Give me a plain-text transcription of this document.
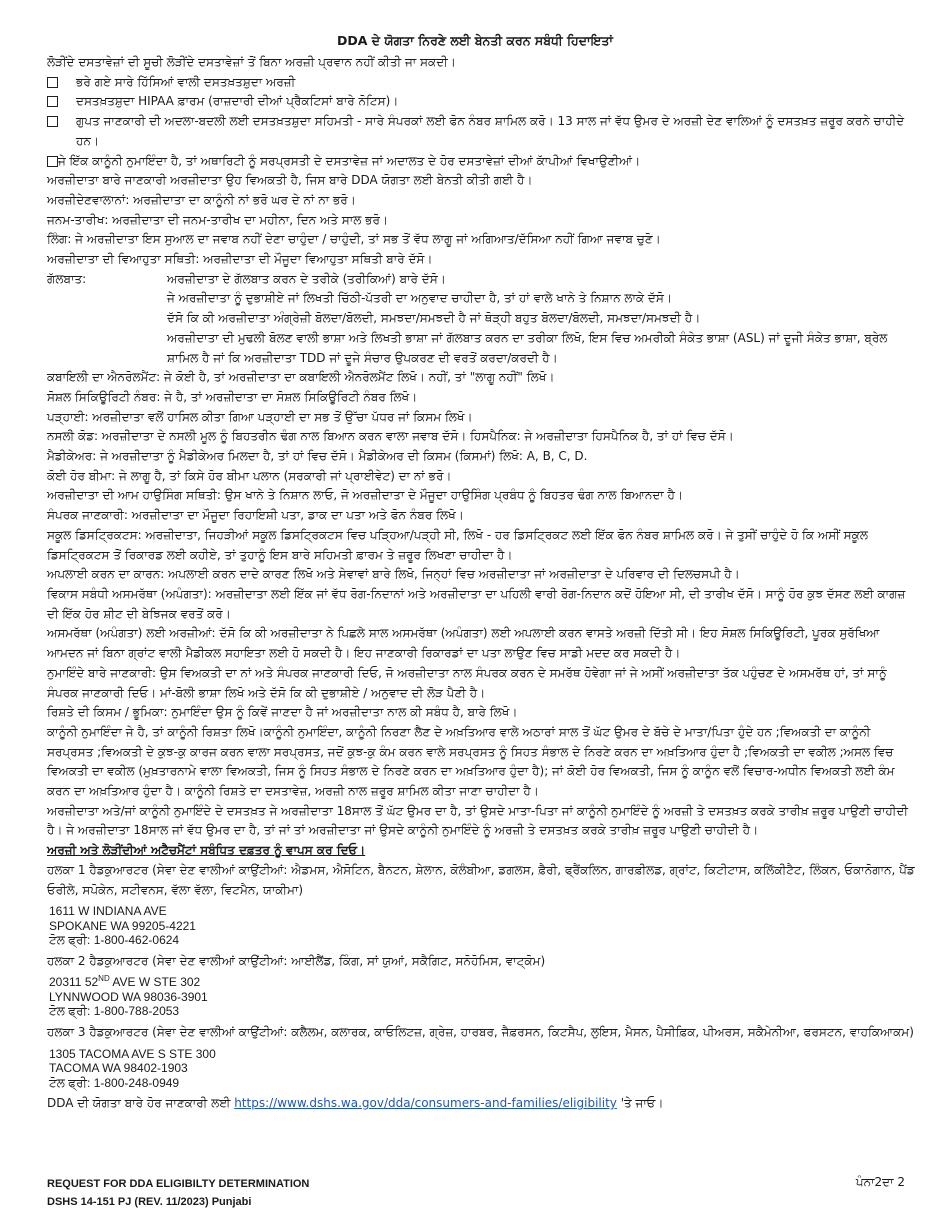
DDA ਦੇ ਯੋਗਤਾ ਨਿਰਣੇ ਲਈ ਬੇਨਤੀ ਕਰਨ ਸਬੰਧੀ ਹਿਦਾਇਤਾਂ

ਲੋੜੀਂਦੇ ਦਸਤਾਵੇਜ਼ਾਂ ਦੀ ਸੂਚੀ ਲੋੜੀਂਦੇ ਦਸਤਾਵੇਜ਼ਾਂ ਤੋਂ ਬਿਨਾ ਅਰਜ਼ੀ ਪ੍ਰਵਾਨ ਨਹੀਂ ਕੀਤੀ ਜਾ ਸਕਦੀ।

ਭਰੇ ਗਏ ਸਾਰੇ ਹਿੱਸਿਆਂ ਵਾਲੀ ਦਸਤਖ਼ਤਸ਼ੁਦਾ ਅਰਜ਼ੀ
ਦਸਤਖ਼ਤਸ਼ੁਦਾ HIPAA ਫ਼ਾਰਮ (ਰਾਜ਼ਦਾਰੀ ਦੀਆਂ ਪ੍ਰੈਕਟਿਸਾਂ ਬਾਰੇ ਨੋਟਿਸ)।
ਗੁਪਤ ਜਾਣਕਾਰੀ ਦੀ ਅਦਲਾ-ਬਦਲੀ ਲਈ ਦਸਤਖ਼ਤਸ਼ੁਦਾ ਸਹਿਮਤੀ - ਸਾਰੇ ਸੰਪਰਕਾਂ ਲਈ ਫੋਨ ਨੰਬਰ ਸ਼ਾਮਿਲ ਕਰੋ। 13 ਸਾਲ ਜਾਂ ਵੱਧ ਉਮਰ ਦੇ ਅਰਜ਼ੀ ਦੇਣ ਵਾਲਿਆਂ ਨੂੰ ਦਸਤਖ਼ਤ ਜ਼ਰੂਰ ਕਰਨੇ ਚਾਹੀਦੇ ਹਨ।
ਜੇ ਇੱਕ ਕਾਨੂੰਨੀ ਨੁਮਾਇੰਦਾ ਹੈ, ਤਾਂ ਅਥਾਰਿਟੀ ਨੂੰ ਸਰਪ੍ਰਸਤੀ ਦੇ ਦਸਤਾਵੇਜ਼ ਜਾਂ ਅਦਾਲਤ ਦੇ ਹੋਰ ਦਸਤਾਵੇਜ਼ਾਂ ਦੀਆਂ ਕਾੱਪੀਆਂ ਵਿਖਾਉਣੀਆਂ।

ਅਰਜ਼ੀਦਾਤਾ ਬਾਰੇ ਜਾਣਕਾਰੀ ਅਰਜ਼ੀਦਾਤਾ ਉਹ ਵਿਅਕਤੀ ਹੈ, ਜਿਸ ਬਾਰੇ DDA ਯੋਗਤਾ ਲਈ ਬੇਨਤੀ ਕੀਤੀ ਗਈ ਹੈ।

ਅਰਜ਼ੀਦੇਣਵਾਲਾਨਾਂ: ਅਰਜ਼ੀਦਾਤਾ ਦਾ ਕਾਨੂੰਨੀ ਨਾਂ ਭਰੋ ਘਰ ਦੇ ਨਾਂ ਨਾ ਭਰੋ।

ਜਨਮ-ਤਾਰੀਖ: ਅਰਜ਼ੀਦਾਤਾ ਦੀ ਜਨਮ-ਤਾਰੀਖ ਦਾ ਮਹੀਨਾ, ਦਿਨ ਅਤੇ ਸਾਲ ਭਰੋ।

ਲਿੰਗ: ਜੇ ਅਰਜ਼ੀਦਾਤਾ ਇਸ ਸੁਆਲ ਦਾ ਜਵਾਬ ਨਹੀਂ ਦੇਣਾ ਚਾਹੁੰਦਾ / ਚਾਹੁੰਦੀ, ਤਾਂ ਸਭ ਤੋਂ ਵੱਧ ਲਾਗੂ ਜਾਂ ਅਗਿਆਤ/ਦੱਸਿਆ ਨਹੀਂ ਗਿਆ ਜਵਾਬ ਚੁਣੋ।

ਅਰਜ਼ੀਦਾਤਾ ਦੀ ਵਿਆਹੁਤਾ ਸਥਿਤੀ: ਅਰਜ਼ੀਦਾਤਾ ਦੀ ਮੌਜੂਦਾ ਵਿਆਹੁਤਾ ਸਥਿਤੀ ਬਾਰੇ ਦੱਸੋ।

ਗੱਲਬਾਤ:	ਅਰਜ਼ੀਦਾਤਾ ਦੇ ਗੱਲਬਾਤ ਕਰਨ ਦੇ ਤਰੀਕੇ (ਤਰੀਕਿਆਂ) ਬਾਰੇ ਦੱਸੋ।

ਜੇ ਅਰਜ਼ੀਦਾਤਾ ਨੂੰ ਦੁਭਾਸ਼ੀਏ ਜਾਂ ਲਿਖਤੀ ਚਿੱਠੀ-ਪੱਤਰੀ ਦਾ ਅਨੁਵਾਦ ਚਾਹੀਦਾ ਹੈ, ਤਾਂ ਹਾਂ ਵਾਲੇ ਖਾਨੇ ਤੇ ਨਿਸ਼ਾਨ ਲਾਕੇ ਦੱਸੋ।

ਦੱਸੋ ਕਿ ਕੀ ਅਰਜ਼ੀਦਾਤਾ ਅੰਗ੍ਰੇਜ਼ੀ ਬੋਲਦਾ/ਬੋਲਦੀ, ਸਮਝਦਾ/ਸਮਝਦੀ ਹੈ ਜਾਂ ਥੋੜ੍ਹੀ ਬਹੁਤ ਬੋਲਦਾ/ਬੋਲਦੀ, ਸਮਝਦਾ/ਸਮਝਦੀ ਹੈ।

ਅਰਜ਼ੀਦਾਤਾ ਦੀ ਮੁਢਲੀ ਬੋਲਣ ਵਾਲੀ ਭਾਸ਼ਾ ਅਤੇ ਲਿਖਤੀ ਭਾਸ਼ਾ ਜਾਂ ਗੱਲਬਾਤ ਕਰਨ ਦਾ ਤਰੀਕਾ ਲਿਖੋ, ਇਸ ਵਿਚ ਅਮਰੀਕੀ ਸੰਕੇਤ ਭਾਸ਼ਾ (ASL) ਜਾਂ ਦੂਜੀ ਸੰਕੇਤ ਭਾਸ਼ਾ, ਬ੍ਰੇਲ ਸ਼ਾਮਿਲ ਹੈ ਜਾਂ ਕਿ ਅਰਜ਼ੀਦਾਤਾ TDD ਜਾਂ ਦੂਜੇ ਸੰਚਾਰ ਉਪਕਰਣ ਦੀ ਵਰਤੋਂ ਕਰਦਾ/ਕਰਦੀ ਹੈ।

ਕਬਾਇਲੀ ਦਾ ਐਨਰੋਲਮੈਂਟ: ਜੇ ਕੋਈ ਹੈ, ਤਾਂ ਅਰਜ਼ੀਦਾਤਾ ਦਾ ਕਬਾਇਲੀ ਐਨਰੋਲਮੈਂਟ ਲਿਖੋ। ਨਹੀਂ, ਤਾਂ "ਲਾਗੂ ਨਹੀਂ" ਲਿਖੋ।

ਸੋਸ਼ਲ ਸਿਕਿਊਰਿਟੀ ਨੰਬਰ: ਜੇ ਹੈ, ਤਾਂ ਅਰਜ਼ੀਦਾਤਾ ਦਾ ਸੋਸ਼ਲ ਸਿਕਿਊਰਿਟੀ ਨੰਬਰ ਲਿਖੋ।

ਪੜ੍ਹਾਈ: ਅਰਜ਼ੀਦਾਤਾ ਵਲੋਂ ਹਾਸਿਲ ਕੀਤਾ ਗਿਆ ਪੜ੍ਹਾਈ ਦਾ ਸਭ ਤੋਂ ਉੱਚਾ ਪੱਧਰ ਜਾਂ ਕਿਸਮ ਲਿਖੋ।

ਨਸਲੀ ਕੋਡ: ਅਰਜ਼ੀਦਾਤਾ ਦੇ ਨਸਲੀ ਮੂਲ ਨੂੰ ਬਿਹਤਰੀਨ ਢੰਗ ਨਾਲ ਬਿਆਨ ਕਰਨ ਵਾਲਾ ਜਵਾਬ ਦੱਸੋ। ਹਿਸਪੈਨਿਕ: ਜੇ ਅਰਜ਼ੀਦਾਤਾ ਹਿਸਪੈਨਿਕ ਹੈ, ਤਾਂ ਹਾਂ ਵਿਚ ਦੱਸੋ।

ਮੈਡੀਕੇਅਰ: ਜੇ ਅਰਜ਼ੀਦਾਤਾ ਨੂੰ ਮੈਡੀਕੇਅਰ ਮਿਲਦਾ ਹੈ, ਤਾਂ ਹਾਂ ਵਿਚ ਦੱਸੋ। ਮੈਡੀਕੇਅਰ ਦੀ ਕਿਸਮ (ਕਿਸਮਾਂ) ਲਿਖੋ: A, B, C, D.

ਕੋਈ ਹੋਰ ਬੀਮਾ: ਜੇ ਲਾਗੂ ਹੈ, ਤਾਂ ਕਿਸੇ ਹੋਰ ਬੀਮਾ ਪਲਾਨ (ਸਰਕਾਰੀ ਜਾਂ ਪ੍ਰਾਈਵੇਟ) ਦਾ ਨਾਂ ਭਰੋ।

ਅਰਜ਼ੀਦਾਤਾ ਦੀ ਆਮ ਹਾਉਸਿੰਗ ਸਥਿਤੀ: ਉਸ ਖਾਨੇ ਤੇ ਨਿਸ਼ਾਨ ਲਾਓ, ਜੋ ਅਰਜ਼ੀਦਾਤਾ ਦੇ ਮੌਜੂਦਾ ਹਾਉਸਿੰਗ ਪ੍ਰਬੰਧ ਨੂੰ ਬਿਹਤਰ ਢੰਗ ਨਾਲ ਬਿਆਨਦਾ ਹੈ।

ਸੰਪਰਕ ਜਾਣਕਾਰੀ: ਅਰਜ਼ੀਦਾਤਾ ਦਾ ਮੌਜੂਦਾ ਰਿਹਾਇਸ਼ੀ ਪਤਾ, ਡਾਕ ਦਾ ਪਤਾ ਅਤੇ ਫੋਨ ਨੰਬਰ ਲਿਖੋ।

ਸਕੂਲ ਡਿਸਟ੍ਰਿਕਟਸ: ਅਰਜ਼ੀਦਾਤਾ, ਜਿਹੜੀਆਂ ਸਕੂਲ ਡਿਸਟ੍ਰਿਕਟਸ ਵਿਚ ਪੜ੍ਹਿਆ/ਪੜ੍ਹੀ ਸੀ, ਲਿਖੋ - ਹਰ ਡਿਸਟ੍ਰਿਕਟ ਲਈ ਇੱਕ ਫੋਨ ਨੰਬਰ ਸ਼ਾਮਿਲ ਕਰੋ। ਜੇ ਤੁਸੀਂ ਚਾਹੁੰਦੇ ਹੋ ਕਿ ਅਸੀਂ ਸਕੂਲ ਡਿਸਟ੍ਰਿਕਟਸ ਤੋਂ ਰਿਕਾਰਡ ਲਈ ਕਹੀਏ, ਤਾਂ ਤੁਹਾਨੂੰ ਇਸ ਬਾਰੇ ਸਹਿਮਤੀ ਫ਼ਾਰਮ ਤੇ ਜ਼ਰੂਰ ਲਿਖਣਾ ਚਾਹੀਦਾ ਹੈ।

ਅਪਲਾਈ ਕਰਨ ਦਾ ਕਾਰਨ: ਅਪਲਾਈ ਕਰਨ ਦਾਦੇ ਕਾਰਣ ਲਿਖੋ ਅਤੇ ਸੇਵਾਵਾਂ ਬਾਰੇ ਲਿਖੋ, ਜਿਨ੍ਹਾਂ ਵਿਚ ਅਰਜ਼ੀਦਾਤਾ ਜਾਂ ਅਰਜ਼ੀਦਾਤਾ ਦੇ ਪਰਿਵਾਰ ਦੀ ਦਿਲਚਸਪੀ ਹੈ।

ਵਿਕਾਸ ਸਬੰਧੀ ਅਸਮਰੱਥਾ (ਅਪੰਗਤਾ): ਅਰਜ਼ੀਦਾਤਾ ਲਈ ਇੱਕ ਜਾਂ ਵੱਧ ਰੋਗ-ਨਿਦਾਨਾਂ ਅਤੇ ਅਰਜ਼ੀਦਾਤਾ ਦਾ ਪਹਿਲੀ ਵਾਰੀ ਰੋਗ-ਨਿਦਾਨ ਕਦੋਂ ਹੋਇਆ ਸੀ, ਦੀ ਤਾਰੀਖ ਦੱਸੋ। ਸਾਨੂੰ ਹੋਰ ਕੁਝ ਦੱਸਣ ਲਈ ਕਾਗਜ਼ ਦੀ ਇੱਕ ਹੋਰ ਸ਼ੀਟ ਦੀ ਬੇਝਿਜਕ ਵਰਤੋਂ ਕਰੋ।

ਅਸਮਰੱਥਾ (ਅਪੰਗਤਾ) ਲਈ ਅਰਜ਼ੀਆਂ: ਦੱਸੋ ਕਿ ਕੀ ਅਰਜ਼ੀਦਾਤਾ ਨੇ ਪਿਛਲੇ ਸਾਲ ਅਸਮਰੱਥਾ (ਅਪੰਗਤਾ) ਲਈ ਅਪਲਾਈ ਕਰਨ ਵਾਸਤੇ ਅਰਜ਼ੀ ਦਿੱਤੀ ਸੀ। ਇਹ ਸੋਸ਼ਲ ਸਿਕਿਊਰਿਟੀ, ਪੂਰਕ ਸੁਰੱਖਿਆ ਆਮਦਨ ਜਾਂ ਬਿਨਾ ਗ੍ਰਾਂਟ ਵਾਲੀ ਮੈਡੀਕਲ ਸਹਾਇਤਾ ਲਈ ਹੋ ਸਕਦੀ ਹੈ। ਇਹ ਜਾਣਕਾਰੀ ਰਿਕਾਰਡਾਂ ਦਾ ਪਤਾ ਲਾਉਣ ਵਿਚ ਸਾਡੀ ਮਦਦ ਕਰ ਸਕਦੀ ਹੈ।

ਨੁਮਾਇੰਦੇ ਬਾਰੇ ਜਾਣਕਾਰੀ: ਉਸ ਵਿਅਕਤੀ ਦਾ ਨਾਂ ਅਤੇ ਸੰਪਰਕ ਜਾਣਕਾਰੀ ਦਿਓ, ਜੋ ਅਰਜ਼ੀਦਾਤਾ ਨਾਲ ਸੰਪਰਕ ਕਰਨ ਦੇ ਸਮਰੱਥ ਹੋਵੇਗਾ ਜਾਂ ਜੇ ਅਸੀਂ ਅਰਜ਼ੀਦਾਤਾ ਤੱਕ ਪਹੁੰਚਣ ਦੇ ਅਸਮਰੱਥ ਹਾਂ, ਤਾਂ ਸਾਨੂੰ ਸੰਪਰਕ ਜਾਣਕਾਰੀ ਦਿਓ। ਮਾਂ-ਬੋਲੀ ਭਾਸ਼ਾ ਲਿਖੋ ਅਤੇ ਦੱਸੋ ਕਿ ਕੀ ਦੁਭਾਸ਼ੀਏ / ਅਨੁਵਾਦ ਦੀ ਲੋੜ ਪੈਣੀ ਹੈ।

ਰਿਸ਼ਤੇ ਦੀ ਕਿਸਮ / ਭੂਮਿਕਾ: ਨੁਮਾਇੰਦਾ ਉਸ ਨੂੰ ਕਿਵੇਂ ਜਾਣਦਾ ਹੈ ਜਾਂ ਅਰਜ਼ੀਦਾਤਾ ਨਾਲ ਕੀ ਸਬੰਧ ਹੈ, ਬਾਰੇ ਲਿਖੋ।

ਕਾਨੂੰਨੀ ਨੁਮਾਇੰਦਾ ਜੇ ਹੈ, ਤਾਂ ਕਾਨੂੰਨੀ ਰਿਸ਼ਤਾ ਲਿਖੋ।ਕਾਨੂੰਨੀ ਨੁਮਾਇੰਦਾ, ਕਾਨੂੰਨੀ ਨਿਰਣਾ ਲੈਣ ਦੇ ਅਖ਼ਤਿਆਰ ਵਾਲੇ ਅਠਾਰਾਂ ਸਾਲ ਤੋਂ ਘੱਟ ਉਮਰ ਦੇ ਬੱਚੇ ਦੇ ਮਾਤਾ/ਪਿਤਾ ਹੁੰਦੇ ਹਨ ;ਵਿਅਕਤੀ ਦਾ ਕਾਨੂੰਨੀ ਸਰਪ੍ਰਸਤ ;ਵਿਅਕਤੀ ਦੇ ਕੁਝ-ਕੁ ਕਾਰਜ ਕਰਨ ਵਾਲਾ ਸਰਪ੍ਰਸਤ, ਜਦੋਂ ਕੁਝ-ਕੁ ਕੰਮ ਕਰਨ ਵਾਲੇ ਸਰਪ੍ਰਸਤ ਨੂੰ ਸਿਹਤ ਸੰਭਾਲ ਦੇ ਨਿਰਣੇ ਕਰਨ ਦਾ ਅਖ਼ਤਿਆਰ ਹੁੰਦਾ ਹੈ ;ਵਿਅਕਤੀ ਦਾ ਵਕੀਲ ;ਅਸਲ ਵਿਚ ਵਿਅਕਤੀ ਦਾ ਵਕੀਲ (ਮੁਖ਼ਤਾਰਨਾਮੇ ਵਾਲਾ ਵਿਅਕਤੀ, ਜਿਸ ਨੂੰ ਸਿਹਤ ਸੰਭਾਲ ਦੇ ਨਿਰਣੇ ਕਰਨ ਦਾ ਅਖ਼ਤਿਆਰ ਹੁੰਦਾ ਹੈ); ਜਾਂ ਕੋਈ ਹੋਰ ਵਿਅਕਤੀ, ਜਿਸ ਨੂੰ ਕਾਨੂੰਨ ਵਲੋਂ ਵਿਚਾਰ-ਅਧੀਨ ਵਿਅਕਤੀ ਲਈ ਕੰਮ ਕਰਨ ਦਾ ਅਖ਼ਤਿਆਰ ਹੁੰਦਾ ਹੈ। ਕਾਨੂੰਨੀ ਰਿਸ਼ਤੇ ਦਾ ਦਸਤਾਵੇਜ਼, ਅਰਜ਼ੀ ਨਾਲ ਜ਼ਰੂਰ ਸ਼ਾਮਿਲ ਕੀਤਾ ਜਾਣਾ ਚਾਹੀਦਾ ਹੈ।

ਅਰਜ਼ੀਦਾਤਾ ਅਤੇ/ਜਾਂ ਕਾਨੂੰਨੀ ਨੁਮਾਇੰਦੇ ਦੇ ਦਸਤਖ਼ਤ ਜੇ ਅਰਜ਼ੀਦਾਤਾ 18ਸਾਲ ਤੋਂ ਘੱਟ ਉਮਰ ਦਾ ਹੈ, ਤਾਂ ਉਸਦੇ ਮਾਤਾ-ਪਿਤਾ ਜਾਂ ਕਾਨੂੰਨੀ ਨੁਮਾਇੰਦੇ ਨੂੰ ਅਰਜ਼ੀ ਤੇ ਦਸਤਖ਼ਤ ਕਰਕੇ ਤਾਰੀਖ਼ ਜ਼ਰੂਰ ਪਾਉਣੀ ਚਾਹੀਦੀ ਹੈ। ਜੇ ਅਰਜ਼ੀਦਾਤਾ 18ਸਾਲ ਜਾਂ ਵੱਧ ਉਮਰ ਦਾ ਹੈ, ਤਾਂ ਜਾਂ ਤਾਂ ਅਰਜ਼ੀਦਾਤਾ ਜਾਂ ਉਸਦੇ ਕਾਨੂੰਨੀ ਨੁਮਾਇੰਦੇ ਨੂੰ ਅਰਜ਼ੀ ਤੇ ਦਸਤਖ਼ਤ ਕਰਕੇ ਤਾਰੀਖ਼ ਜ਼ਰੂਰ ਪਾਉਣੀ ਚਾਹੀਦੀ ਹੈ।

ਅਰਜ਼ੀ ਅਤੇ ਲੋੜੀਂਦੀਆਂ ਅਟੈਚਮੈਂਟਾਂ ਸਬੰਧਿਤ ਦਫ਼ਤਰ ਨੂੰ ਵਾਪਸ ਕਰ ਦਿਓ।

ਹਲਕਾ 1 ਹੈਡਕੁਆਰਟਰ (ਸੇਵਾ ਦੇਣ ਵਾਲੀਆਂ ਕਾਉਂਟੀਆਂ: ਐਡਮਸ, ਐਸੋਟਿਨ, ਬੈਨਟਨ, ਸ਼ੇਲਾਨ, ਕੋਲੰਬੀਆ, ਡਗਲਸ, ਫ਼ੈਰੀ, ਫ੍ਰੈਂਕਲਿਨ, ਗਾਰਫ਼ੀਲਡ, ਗ੍ਰਾਂਟ, ਕਿਟੀਟਾਸ, ਕਲਿੱਕੀਟੈਟ, ਲਿੰਕਨ, ਓਕਾਨੋਗਾਨ, ਪੈਂਡ ਓਰੀਲੇ, ਸਪੋਕੇਨ, ਸਟੀਵਨਸ, ਵੱਲਾ ਵੱਲਾ, ਵਿਟਮੈਨ, ਯਾਕੀਮਾ)

1611 W INDIANA AVE
SPOKANE WA 99205-4221
ਟੋਲ ਫ੍ਰੀ: 1-800-462-0624

ਹਲਕਾ 2 ਹੈਡਕੁਆਰਟਰ (ਸੇਵਾ ਦੇਣ ਵਾਲੀਆਂ ਕਾਉਂਟੀਆਂ: ਆਈਲੈਂਡ, ਕਿੰਗ, ਸਾਂ ਯੁਆਂ, ਸਕੈਗਿਟ, ਸਨੋਹੋਮਿਸ, ਵਾਟ੍ਕੋਮ)

20311 52ND AVE W STE 302
LYNNWOOD WA 98036-3901
ਟੋਲ ਫ੍ਰੀ: 1-800-788-2053

ਹਲਕਾ 3 ਹੈਡਕੁਆਰਟਰ (ਸੇਵਾ ਦੇਣ ਵਾਲੀਆਂ ਕਾਉਂਟੀਆਂ: ਕਲੈਲਮ, ਕਲਾਰਕ, ਕਾਓਲਿਟਜ਼, ਗ੍ਰੇਜ਼, ਹਾਰਬਰ, ਜੈਫ਼ਰਸਨ, ਕਿਟਸੈਪ, ਲੁਇਸ, ਮੈਸਨ, ਪੈਸੀਫ਼ਿਕ, ਪੀਅਰਸ, ਸਕੈਮੇਨੀਆ, ਫਰਸਟਨ, ਵਾਹਕਿਆਕਮ)

1305 TACOMA AVE S STE 300
TACOMA WA 98402-1903
ਟੋਲ ਫ੍ਰੀ: 1-800-248-0949

DDA ਦੀ ਯੋਗਤਾ ਬਾਰੇ ਹੋਰ ਜਾਣਕਾਰੀ ਲਈ https://www.dshs.wa.gov/dda/consumers-and-families/eligibility 'ਤੇ ਜਾਓ।

REQUEST FOR DDA ELIGIBILTY DETERMINATION
DSHS 14-151 PJ (REV. 11/2023) Punjabi
ਪੰਨਾ2ਦਾ 2
